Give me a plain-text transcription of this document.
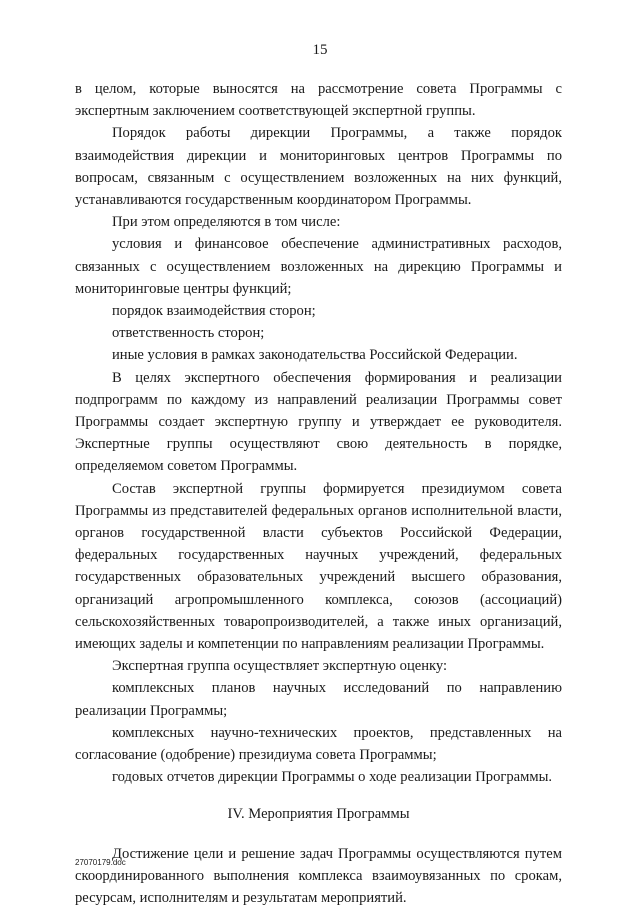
15

в целом, которые выносятся на рассмотрение совета Программы с экспертным заключением соответствующей экспертной группы.

Порядок работы дирекции Программы, а также порядок взаимодействия дирекции и мониторинговых центров Программы по вопросам, связанным с осуществлением возложенных на них функций, устанавливаются государственным координатором Программы.

При этом определяются в том числе:

условия и финансовое обеспечение административных расходов, связанных с осуществлением возложенных на дирекцию Программы и мониторинговые центры функций;

порядок взаимодействия сторон;

ответственность сторон;

иные условия в рамках законодательства Российской Федерации.

В целях экспертного обеспечения формирования и реализации подпрограмм по каждому из направлений реализации Программы совет Программы создает экспертную группу и утверждает ее руководителя. Экспертные группы осуществляют свою деятельность в порядке, определяемом советом Программы.

Состав экспертной группы формируется президиумом совета Программы из представителей федеральных органов исполнительной власти, органов государственной власти субъектов Российской Федерации, федеральных государственных научных учреждений, федеральных государственных образовательных учреждений высшего образования, организаций агропромышленного комплекса, союзов (ассоциаций) сельскохозяйственных товаропроизводителей, а также иных организаций, имеющих заделы и компетенции по направлениям реализации Программы.

Экспертная группа осуществляет экспертную оценку:

комплексных планов научных исследований по направлению реализации Программы;

комплексных научно-технических проектов, представленных на согласование (одобрение) президиума совета Программы;

годовых отчетов дирекции Программы о ходе реализации Программы.

IV. Мероприятия Программы

Достижение цели и решение задач Программы осуществляются путем скоординированного выполнения комплекса взаимоувязанных по срокам, ресурсам, исполнителям и результатам мероприятий.

27070179.doc
